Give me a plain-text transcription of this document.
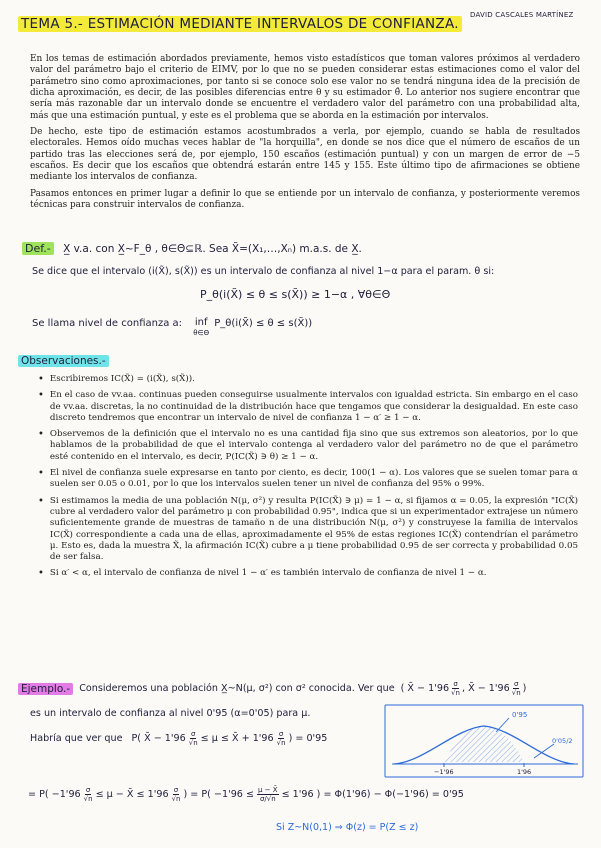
TEMA 5.- ESTIMACIÓN MEDIANTE INTERVALOS DE CONFIANZA.
DAVID CASCALES MARTÍNEZ

En los temas de estimación abordados previamente, hemos visto estadísticos que toman valores próximos al verdadero valor del parámetro bajo el criterio de EIMV, por lo que no se pueden considerar estas estimaciones como el valor del parámetro sino como aproximaciones, por tanto si se conoce solo ese valor no se tendrá ninguna idea de la precisión de dicha aproximación, es decir, de las posibles diferencias entre θ y su estimador θ̂. Lo anterior nos sugiere encontrar que sería más razonable dar un intervalo donde se encuentre el verdadero valor del parámetro con una probabilidad alta, más que una estimación puntual, y este es el problema que se aborda en la estimación por intervalos.

De hecho, este tipo de estimación estamos acostumbrados a verla, por ejemplo, cuando se habla de resultados electorales. Hemos oído muchas veces hablar de "la horquilla", en donde se nos dice que el número de escaños de un partido tras las elecciones será de, por ejemplo, 150 escaños (estimación puntual) y con un margen de error de −5 escaños. Es decir que los escaños que obtendrá estarán entre 145 y 155. Este último tipo de afirmaciones se obtiene mediante los intervalos de confianza.

Pasamos entonces en primer lugar a definir lo que se entiende por un intervalo de confianza, y posteriormente veremos técnicas para construir intervalos de confianza.

Def.- X̲ v.a. con X̲~F_θ , θ∈Θ⊆ℝ. Sea X̃=(X₁,…,Xₙ) m.a.s. de X̲.
Se dice que el intervalo (i(X̃), s(X̃)) es un intervalo de confianza al nivel 1−α para el param. θ si:
P_θ(i(X̃) ≤ θ ≤ s(X̃)) ≥ 1−α , ∀θ∈Θ
Se llama nivel de confianza a: inf
θ∈Θ
P_θ(i(X̃) ≤ θ ≤ s(X̃))
Observaciones.-
• Escribiremos IC(X̃) = (i(X̃), s(X̃)).
• En el caso de vv.aa. continuas pueden conseguirse usualmente intervalos con igualdad estricta. Sin embargo en el caso de vv.aa. discretas, la no continuidad de la distribución hace que tengamos que considerar la desigualdad. En este caso discreto tendremos que encontrar un intervalo de nivel de confianza 1 − α′ ≥ 1 − α.
• Observemos de la definición que el intervalo no es una cantidad fija sino que sus extremos son aleatorios, por lo que hablamos de la probabilidad de que el intervalo contenga al verdadero valor del parámetro no de que el parámetro esté contenido en el intervalo, es decir, P(IC(X̃) ∋ θ) ≥ 1 − α.
• El nivel de confianza suele expresarse en tanto por ciento, es decir, 100(1 − α). Los valores que se suelen tomar para α suelen ser 0.05 o 0.01, por lo que los intervalos suelen tener un nivel de confianza del 95% o 99%.
• Si estimamos la media de una población N(μ, σ²) y resulta P(IC(X̃) ∋ μ) = 1 − α, si fijamos α = 0.05, la expresión "IC(X̃) cubre al verdadero valor del parámetro μ con probabilidad 0.95", indica que si un experimentador extrajese un número suficientemente grande de muestras de tamaño n de una distribución N(μ, σ²) y construyese la familia de intervalos IC(X̃) correspondiente a cada una de ellas, aproximadamente el 95% de estas regiones IC(X̃) contendrían el parámetro μ. Esto es, dada la muestra X̃, la afirmación IC(X̃) cubre a μ tiene probabilidad 0.95 de ser correcta y probabilidad 0.05 de ser falsa.
• Si α′ < α, el intervalo de confianza de nivel 1 − α′ es también intervalo de confianza de nivel 1 − α.
Ejemplo.- Consideremos una población X̲~N(μ, σ²) con σ² conocida. Ver que ( X̄ − $1'96 \frac{\sigma}{√n}$ , X̄ − $1'96 \frac{\sigma}{√n}$ )
es un intervalo de confianza al nivel 0'95 (α=0'05) para μ.
Habría que ver que P( X̄ − $1'96 \frac{\sigma}{√n} \le \mu$ ≤ X̄ + $1'96 \frac{\sigma}{√n}$ ) = 0'95
= $P( -1'96 \frac{\sigma}{√n} \le \mu$ − X̄ ≤ $1'96 \frac{\sigma}{√n}$ ) = $P( -1'96 \le \frac{\mu - X̄}{\sigma/√n} \le 1'96$ ) = Φ(1'96) − Φ(−1'96) = 0'95
Si Z~N(0,1) ⇒ Φ(z) = P(Z ≤ z)
0'95
0'05/2
−1'96	1'96
